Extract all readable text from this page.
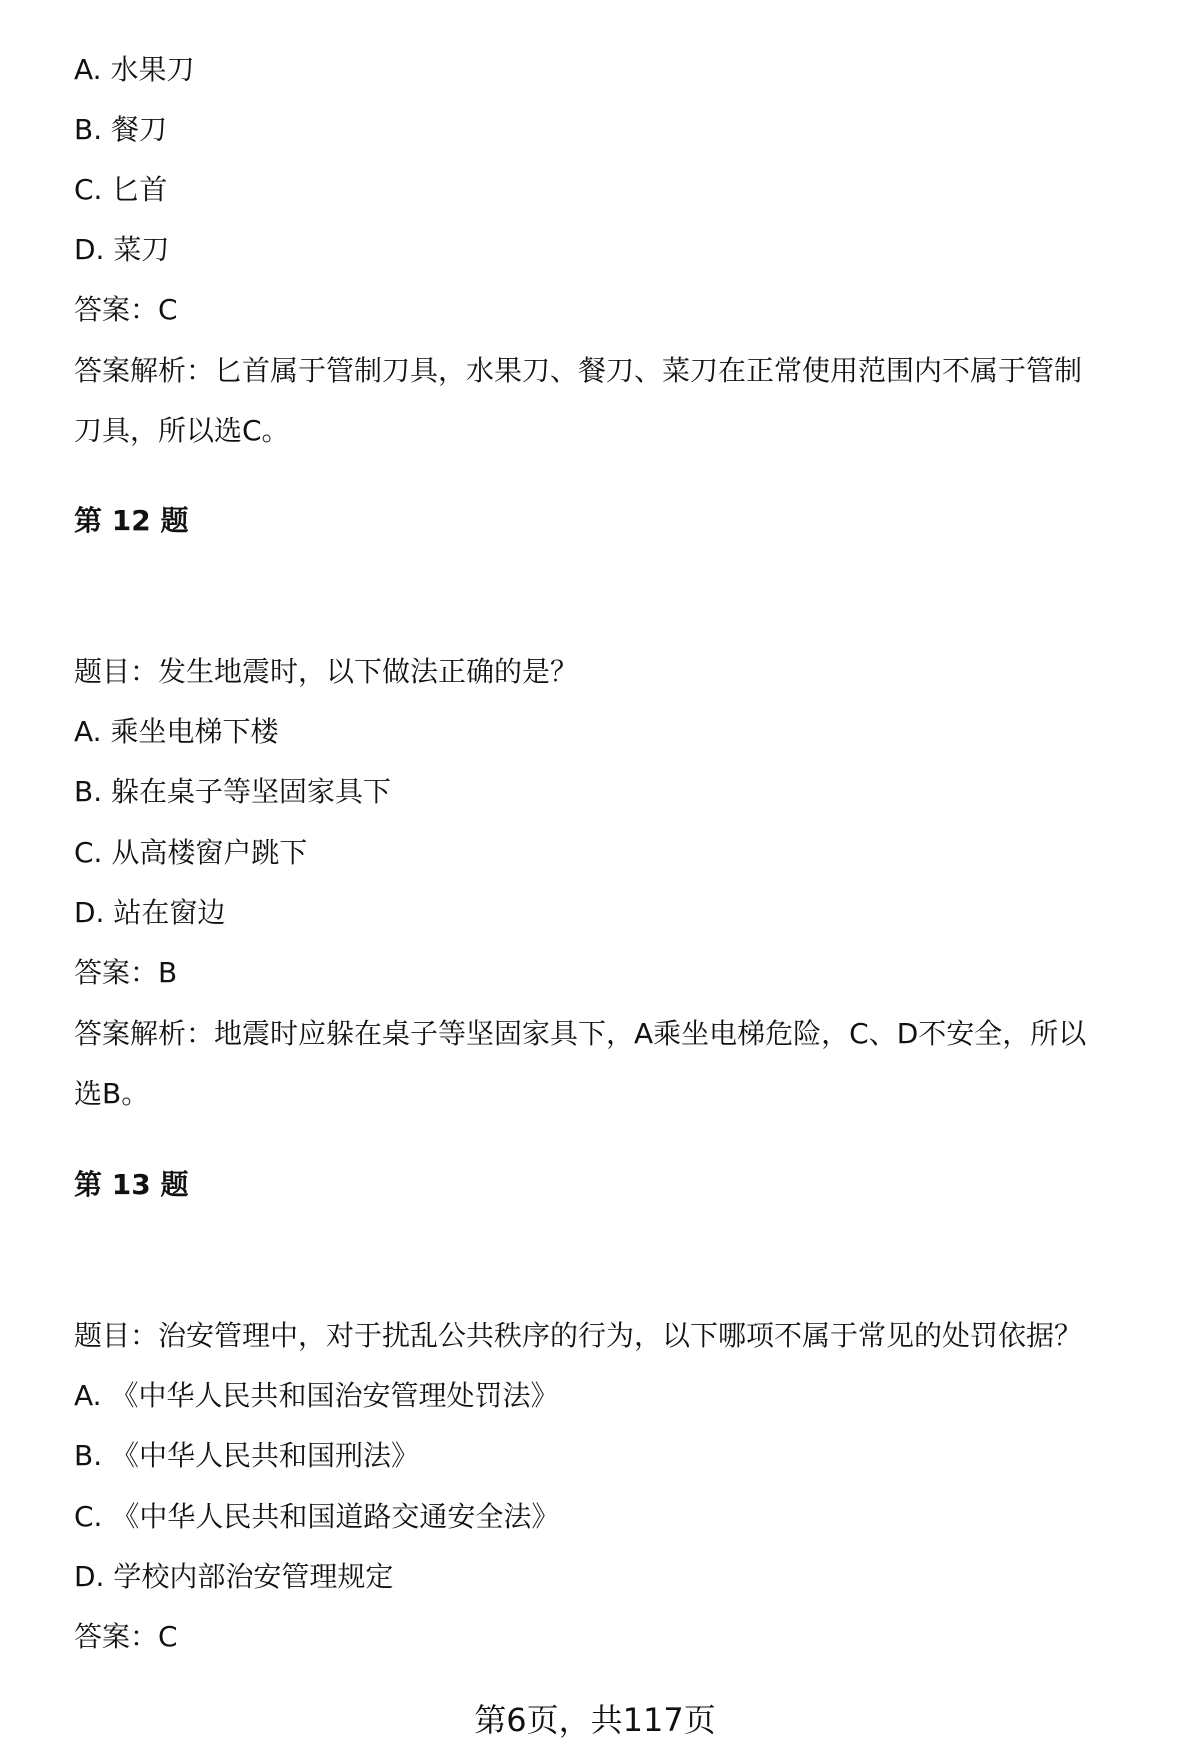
A. 水果刀
B. 餐刀
C. 匕首
D. 菜刀
答案：C
答案解析：匕首属于管制刀具，水果刀、餐刀、菜刀在正常使用范围内不属于管制
刀具，所以选C。
第 12 题
题目：发生地震时，以下做法正确的是？
A. 乘坐电梯下楼
B. 躲在桌子等坚固家具下
C. 从高楼窗户跳下
D. 站在窗边
答案：B
答案解析：地震时应躲在桌子等坚固家具下，A乘坐电梯危险，C、D不安全，所以
选B。
第 13 题
题目：治安管理中，对于扰乱公共秩序的行为，以下哪项不属于常见的处罚依据？
A. 《中华人民共和国治安管理处罚法》
B. 《中华人民共和国刑法》
C. 《中华人民共和国道路交通安全法》
D. 学校内部治安管理规定
答案：C
第6页，共117页
